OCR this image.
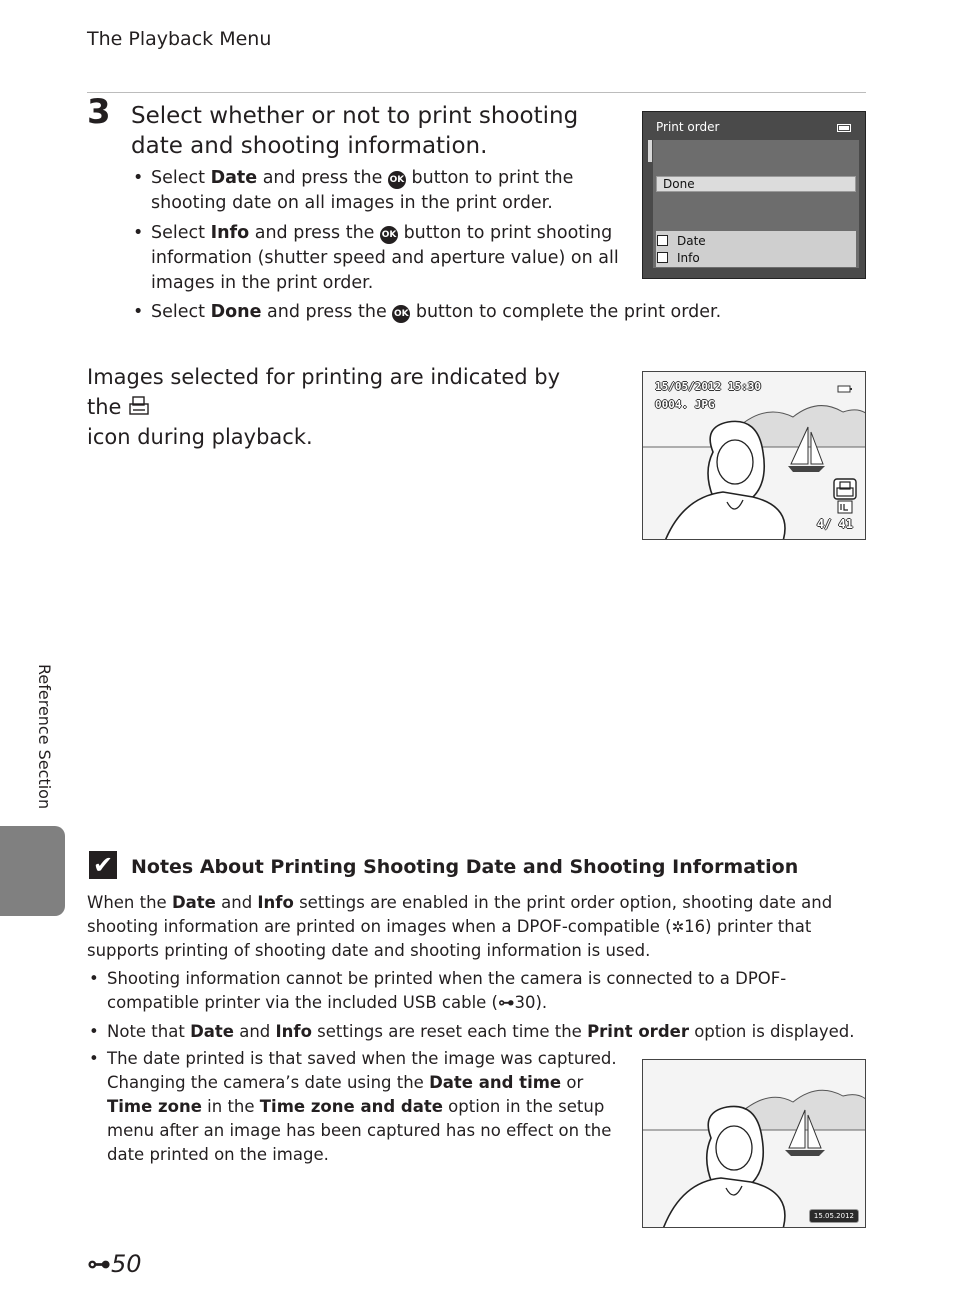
The Playback Menu
3 Select whether or not to print shooting date and shooting information.
• Select Date and press the OK button to print the shooting date on all images in the print order.
• Select Info and press the OK button to print shooting information (shutter speed and aperture value) on all images in the print order.
• Select Done and press the OK button to complete the print order.
Print order
Done
Date
Info
Images selected for printing are indicated by the
icon during playback.
15/05/2012 15:30
0004. JPG
4/ 41
Reference Section
✔ Notes About Printing Shooting Date and Shooting Information
When the Date and Info settings are enabled in the print order option, shooting date and shooting information are printed on images when a DPOF-compatible (✲16) printer that supports printing of shooting date and shooting information is used.
• Shooting information cannot be printed when the camera is connected to a DPOF-compatible printer via the included USB cable (⊶30).
• Note that Date and Info settings are reset each time the Print order option is displayed.
• The date printed is that saved when the image was captured. Changing the camera’s date using the Date and time or Time zone in the Time zone and date option in the setup menu after an image has been captured has no effect on the date printed on the image.
15.05.2012
⊶50
